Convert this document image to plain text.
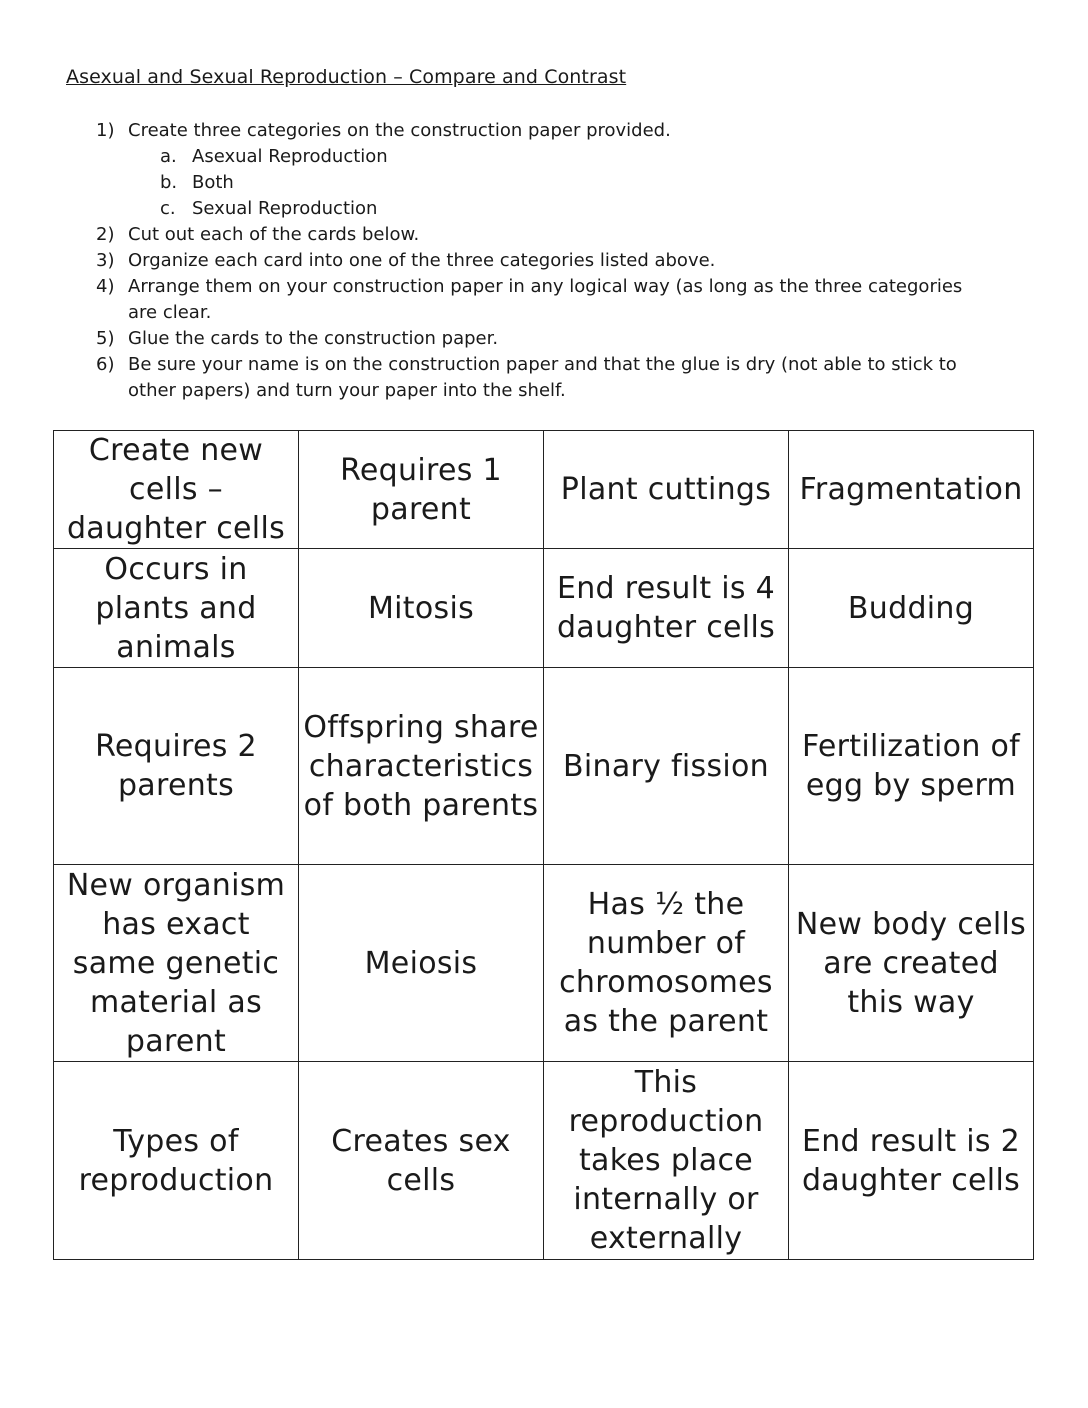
Asexual and Sexual Reproduction – Compare and Contrast
1) Create three categories on the construction paper provided.
a. Asexual Reproduction
b. Both
c. Sexual Reproduction
2) Cut out each of the cards below.
3) Organize each card into one of the three categories listed above.
4) Arrange them on your construction paper in any logical way (as long as the three categories are clear.
5) Glue the cards to the construction paper.
6) Be sure your name is on the construction paper and that the glue is dry (not able to stick to other papers) and turn your paper into the shelf.
Create new cells – daughter cells	Requires 1 parent	Plant cuttings	Fragmentation
Occurs in plants and animals	Mitosis	End result is 4 daughter cells	Budding
Requires 2 parents	Offspring share characteristics of both parents	Binary fission	Fertilization of egg by sperm
New organism has exact same genetic material as parent	Meiosis	Has ½ the number of chromosomes as the parent	New body cells are created this way
Types of reproduction	Creates sex cells	This reproduction takes place internally or externally	End result is 2 daughter cells
